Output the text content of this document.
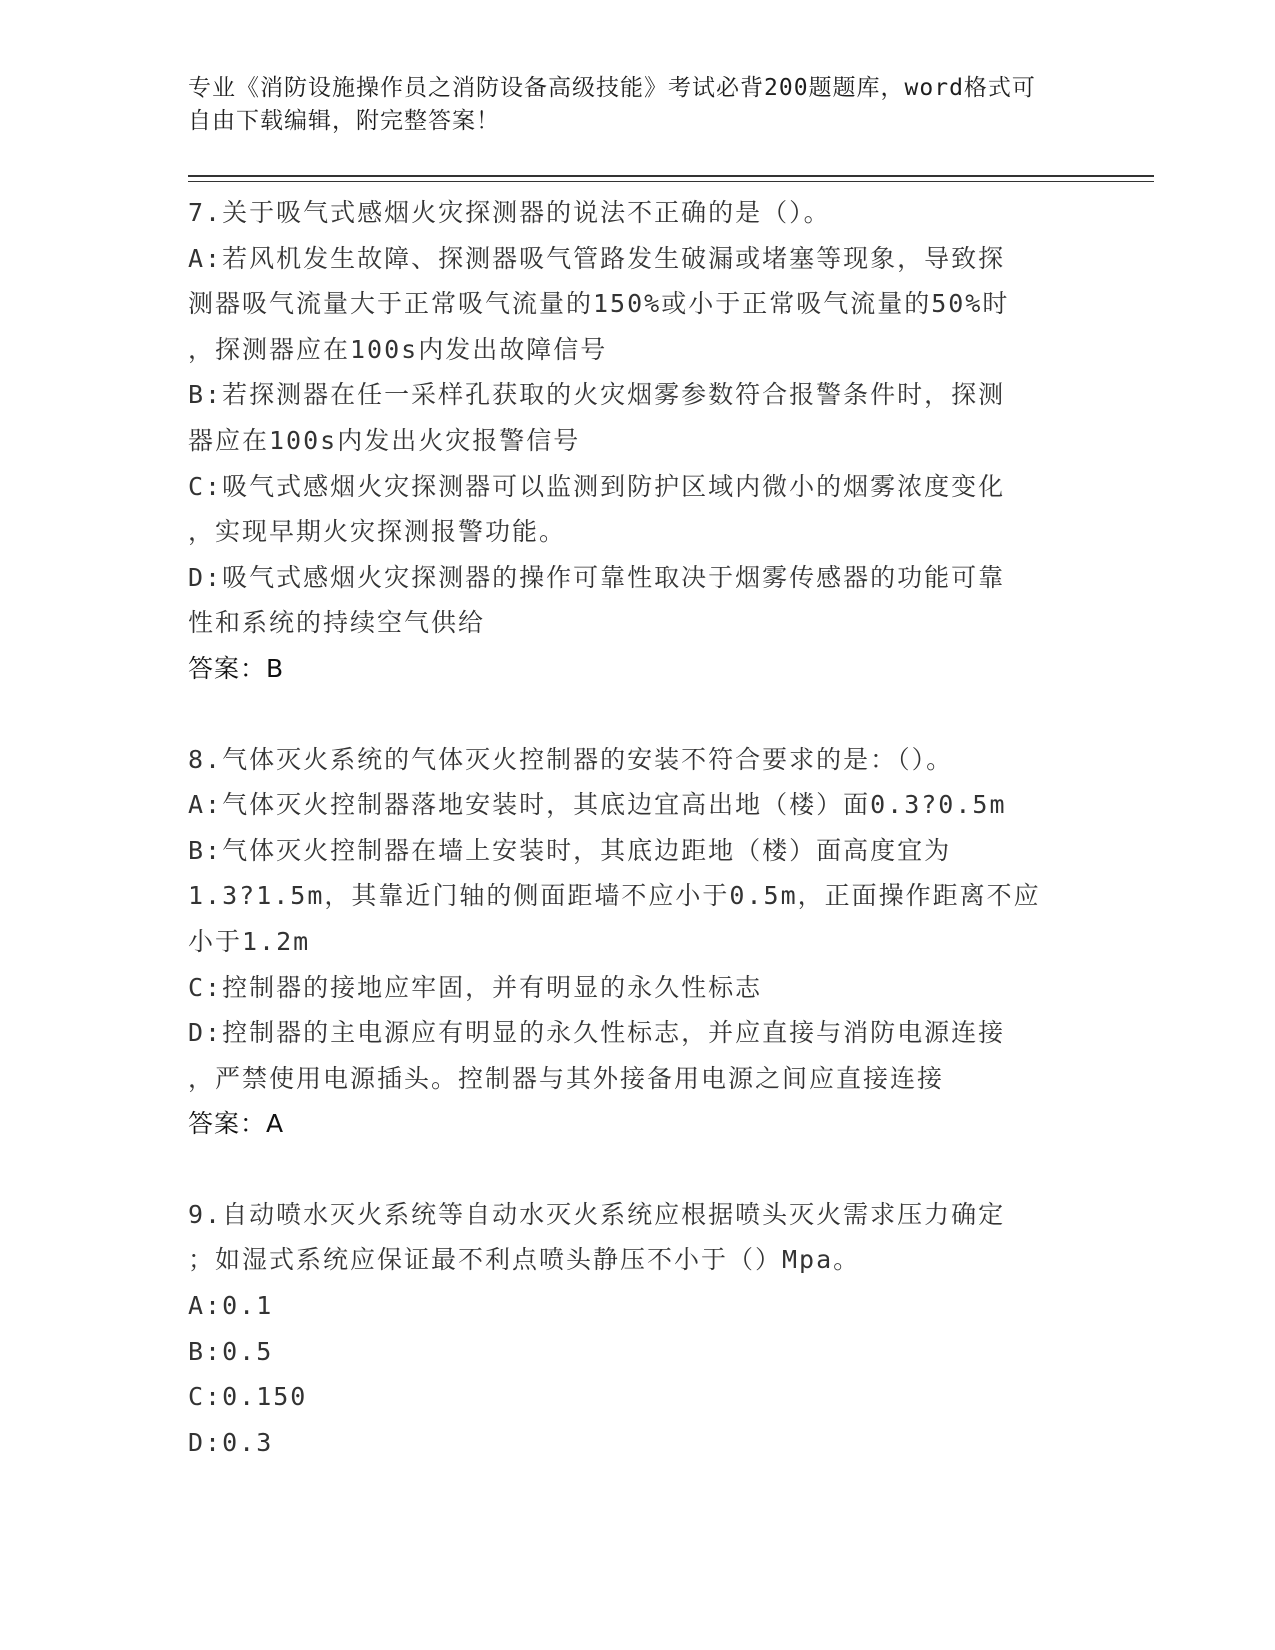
专业《消防设施操作员之消防设备高级技能》考试必背200题题库，word格式可
自由下载编辑，附完整答案！
7.关于吸气式感烟火灾探测器的说法不正确的是（）。
A:若风机发生故障、探测器吸气管路发生破漏或堵塞等现象，导致探
测器吸气流量大于正常吸气流量的150%或小于正常吸气流量的50%时
，探测器应在100s内发出故障信号
B:若探测器在任一采样孔获取的火灾烟雾参数符合报警条件时，探测
器应在100s内发出火灾报警信号
C:吸气式感烟火灾探测器可以监测到防护区域内微小的烟雾浓度变化
，实现早期火灾探测报警功能。
D:吸气式感烟火灾探测器的操作可靠性取决于烟雾传感器的功能可靠
性和系统的持续空气供给
答案：B
8.气体灭火系统的气体灭火控制器的安装不符合要求的是：（）。
A:气体灭火控制器落地安装时，其底边宜高出地（楼）面0.3?0.5m
B:气体灭火控制器在墙上安装时，其底边距地（楼）面高度宜为
1.3?1.5m，其靠近门轴的侧面距墙不应小于0.5m，正面操作距离不应
小于1.2m
C:控制器的接地应牢固，并有明显的永久性标志
D:控制器的主电源应有明显的永久性标志，并应直接与消防电源连接
，严禁使用电源插头。控制器与其外接备用电源之间应直接连接
答案：A
9.自动喷水灭火系统等自动水灭火系统应根据喷头灭火需求压力确定
；如湿式系统应保证最不利点喷头静压不小于（）Mpa。
A:0.1
B:0.5
C:0.150
D:0.3
